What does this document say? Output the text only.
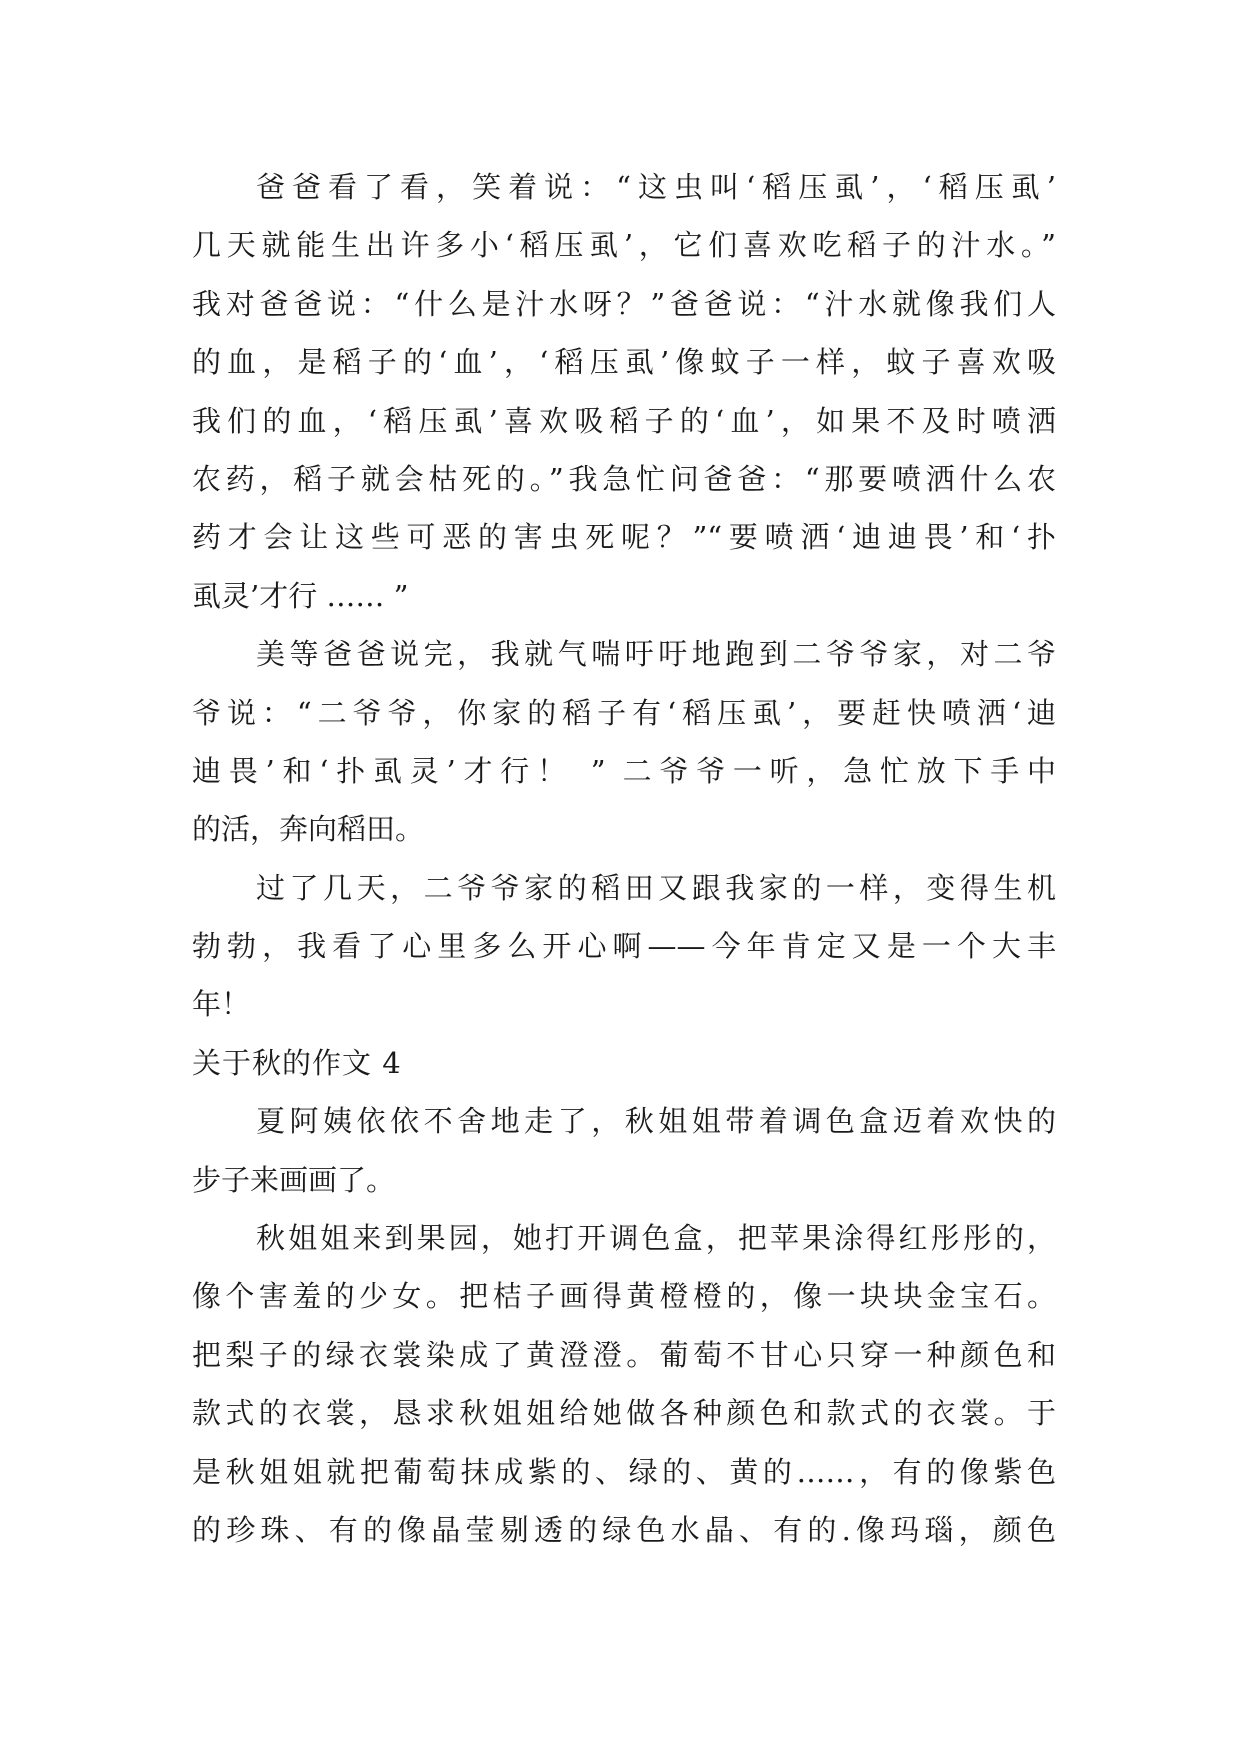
爸爸看了看，笑着说：“这虫叫‘稻压虱’，‘稻压虱’
几天就能生出许多小‘稻压虱’，它们喜欢吃稻子的汁水。”
我对爸爸说：“什么是汁水呀？”爸爸说：“汁水就像我们人
的血，是稻子的‘血’，‘稻压虱’像蚊子一样，蚊子喜欢吸
我们的血，‘稻压虱’喜欢吸稻子的‘血’，如果不及时喷洒
农药，稻子就会枯死的。”我急忙问爸爸：“那要喷洒什么农
药才会让这些可恶的害虫死呢？”“要喷洒‘迪迪畏’和‘扑
虱灵’才行 …… ”
美等爸爸说完，我就气喘吁吁地跑到二爷爷家，对二爷
爷说：“二爷爷，你家的稻子有‘稻压虱’，要赶快喷洒‘迪
迪畏’和‘扑虱灵’才行！ ” 二爷爷一听，急忙放下手中
的活，奔向稻田。
过了几天，二爷爷家的稻田又跟我家的一样，变得生机
勃勃，我看了心里多么开心啊——今年肯定又是一个大丰
年！
关于秋的作文 4
夏阿姨依依不舍地走了，秋姐姐带着调色盒迈着欢快的
步子来画画了。
秋姐姐来到果园，她打开调色盒，把苹果涂得红彤彤的，
像个害羞的少女。把桔子画得黄橙橙的，像一块块金宝石。
把梨子的绿衣裳染成了黄澄澄。葡萄不甘心只穿一种颜色和
款式的衣裳，恳求秋姐姐给她做各种颜色和款式的衣裳。于
是秋姐姐就把葡萄抹成紫的、绿的、黄的……，有的像紫色
的珍珠、有的像晶莹剔透的绿色水晶、有的.像玛瑙，颜色
